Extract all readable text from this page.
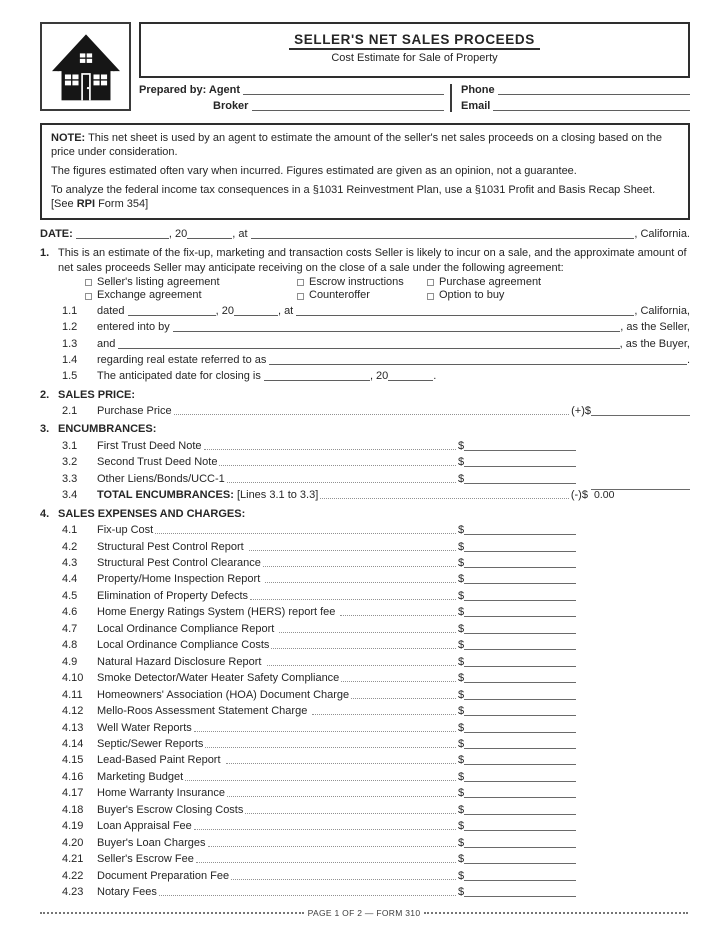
SELLER'S NET SALES PROCEEDS
Cost Estimate for Sale of Property
Prepared by: Agent
Broker
Phone
Email

NOTE: This net sheet is used by an agent to estimate the amount of the seller's net sales proceeds on a closing based on the price under consideration.

The figures estimated often vary when incurred. Figures estimated are given as an opinion, not a guarantee.

To analyze the federal income tax consequences in a §1031 Reinvestment Plan, use a §1031 Profit and Basis Recap Sheet. [See RPI Form 354]

DATE:	, 20	, at	, California.
1. This is an estimate of the fix-up, marketing and transaction costs Seller is likely to incur on a sale, and the approximate amount of net sales proceeds Seller may anticipate receiving on the close of a sale under the following agreement:
Seller's listing agreement	Escrow instructions	Purchase agreement
Exchange agreement	Counteroffer	Option to buy
1.1	dated	, 20	, at	, California,
1.2	entered into by	, as the Seller,
1.3	and	, as the Buyer,
1.4	regarding real estate referred to as	.
1.5	The anticipated date for closing is	, 20	.
2. SALES PRICE:
2.1	Purchase Price	(+)$
3. ENCUMBRANCES:
3.1	First Trust Deed Note	$
3.2	Second Trust Deed Note	$
3.3	Other Liens/Bonds/UCC-1	$
3.4	TOTAL ENCUMBRANCES: [Lines 3.1 to 3.3]	(-)$ 0.00
4. SALES EXPENSES AND CHARGES:
4.1	Fix-up Cost	$
4.2	Structural Pest Control Report	$
4.3	Structural Pest Control Clearance	$
4.4	Property/Home Inspection Report	$
4.5	Elimination of Property Defects	$
4.6	Home Energy Ratings System (HERS) report fee	$
4.7	Local Ordinance Compliance Report	$
4.8	Local Ordinance Compliance Costs	$
4.9	Natural Hazard Disclosure Report	$
4.10	Smoke Detector/Water Heater Safety Compliance	$
4.11	Homeowners' Association (HOA) Document Charge	$
4.12	Mello-Roos Assessment Statement Charge	$
4.13	Well Water Reports	$
4.14	Septic/Sewer Reports	$
4.15	Lead-Based Paint Report	$
4.16	Marketing Budget	$
4.17	Home Warranty Insurance	$
4.18	Buyer's Escrow Closing Costs	$
4.19	Loan Appraisal Fee	$
4.20	Buyer's Loan Charges	$
4.21	Seller's Escrow Fee	$
4.22	Document Preparation Fee	$
4.23	Notary Fees	$
PAGE 1 OF 2 — FORM 310
